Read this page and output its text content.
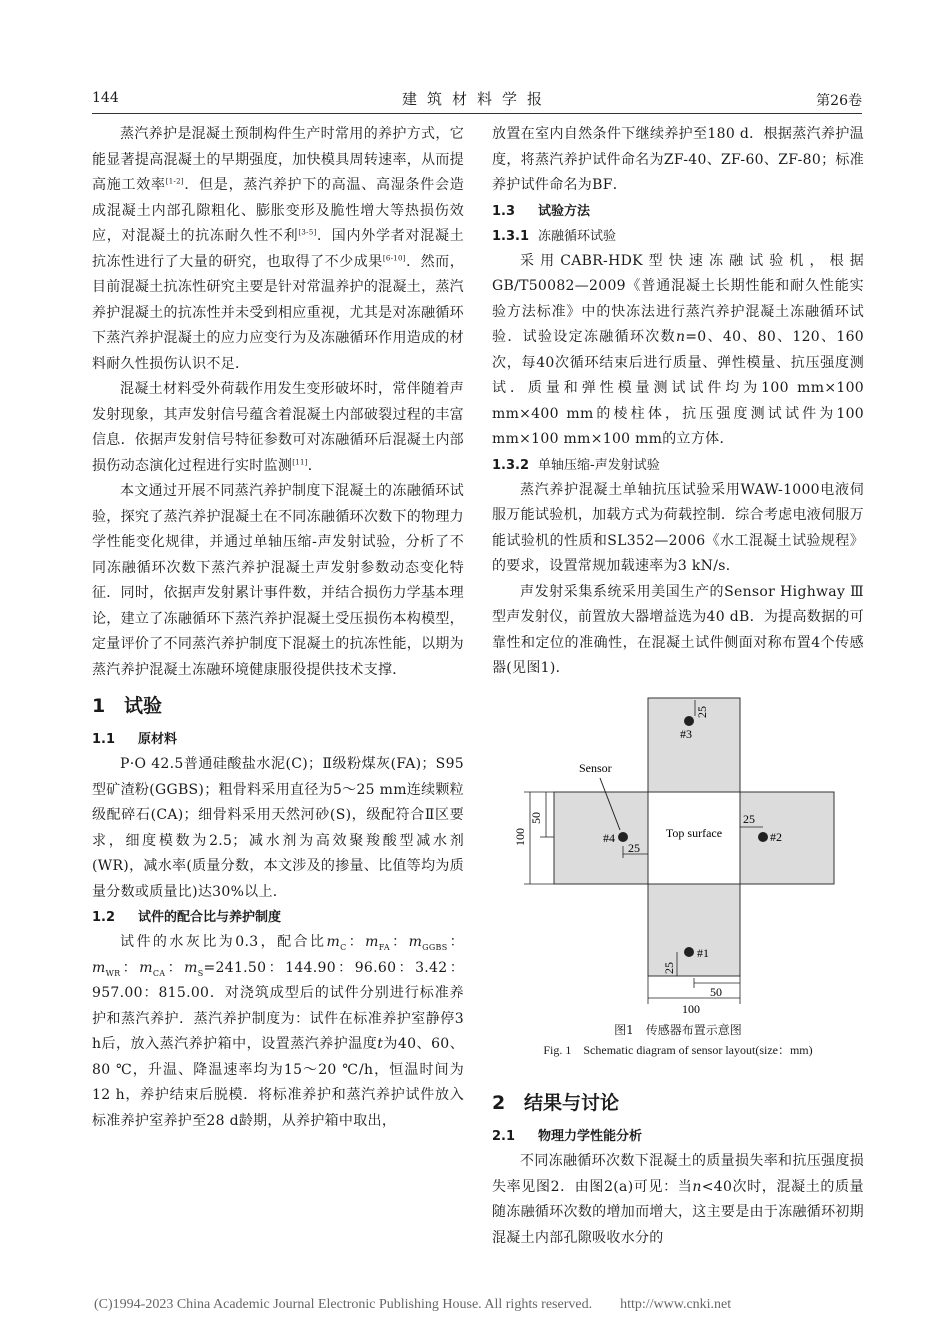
144	建筑材料学报	第26卷

蒸汽养护是混凝土预制构件生产时常用的养护方式，它能显著提高混凝土的早期强度，加快模具周转速率，从而提高施工效率[1-2]．但是，蒸汽养护下的高温、高湿条件会造成混凝土内部孔隙粗化、膨胀变形及脆性增大等热损伤效应，对混凝土的抗冻耐久性不利[3-5]．国内外学者对混凝土抗冻性进行了大量的研究，也取得了不少成果[6-10]．然而，目前混凝土抗冻性研究主要是针对常温养护的混凝土，蒸汽养护混凝土的抗冻性并未受到相应重视，尤其是对冻融循环下蒸汽养护混凝土的应力应变行为及冻融循环作用造成的材料耐久性损伤认识不足．

混凝土材料受外荷载作用发生变形破坏时，常伴随着声发射现象，其声发射信号蕴含着混凝土内部破裂过程的丰富信息．依据声发射信号特征参数可对冻融循环后混凝土内部损伤动态演化过程进行实时监测[11]．

本文通过开展不同蒸汽养护制度下混凝土的冻融循环试验，探究了蒸汽养护混凝土在不同冻融循环次数下的物理力学性能变化规律，并通过单轴压缩-声发射试验，分析了不同冻融循环次数下蒸汽养护混凝土声发射参数动态变化特征．同时，依据声发射累计事件数，并结合损伤力学基本理论，建立了冻融循环下蒸汽养护混凝土受压损伤本构模型，定量评价了不同蒸汽养护制度下混凝土的抗冻性能，以期为蒸汽养护混凝土冻融环境健康服役提供技术支撑．

1 试验
1.1 原材料

P·O 42.5普通硅酸盐水泥(C)；Ⅱ级粉煤灰(FA)；S95型矿渣粉(GGBS)；粗骨料采用直径为5～25 mm连续颗粒级配碎石(CA)；细骨料采用天然河砂(S)，级配符合Ⅱ区要求，细度模数为2.5；减水剂为高效聚羧酸型减水剂(WR)，减水率(质量分数，本文涉及的掺量、比值等均为质量分数或质量比)达30%以上．

1.2 试件的配合比与养护制度

试件的水灰比为0.3，配合比$m_C$：$m_{FA}$：$m_{GGBS}$：$m_{WR}$：$m_{CA}$：$m_S=241.50$：144.90：96.60：3.42：957.00：815.00．对浇筑成型后的试件分别进行标准养护和蒸汽养护．蒸汽养护制度为：试件在标准养护室静停3 h后，放入蒸汽养护箱中，设置蒸汽养护温度t为40、60、80 ℃，升温、降温速率均为15～20 ℃/h，恒温时间为12 h，养护结束后脱模．将标准养护和蒸汽养护试件放入标准养护室养护至28 d龄期，从养护箱中取出，

放置在室内自然条件下继续养护至180 d．根据蒸汽养护温度，将蒸汽养护试件命名为ZF-40、ZF-60、ZF-80；标准养护试件命名为BF．

1.3 试验方法
1.3.1 冻融循环试验

采用CABR-HDK型快速冻融试验机，根据GB/T50082—2009《普通混凝土长期性能和耐久性能实验方法标准》中的快冻法进行蒸汽养护混凝土冻融循环试验．试验设定冻融循环次数n=0、40、80、120、160次，每40次循环结束后进行质量、弹性模量、抗压强度测试．质量和弹性模量测试试件均为100 mm×100 mm×400 mm的棱柱体，抗压强度测试试件为100 mm×100 mm×100 mm的立方体．

1.3.2 单轴压缩-声发射试验

蒸汽养护混凝土单轴抗压试验采用WAW-1000电液伺服万能试验机，加载方式为荷载控制．综合考虑电液伺服万能试验机的性质和SL352—2006《水工混凝土试验规程》的要求，设置常规加载速率为3 kN/s．

声发射采集系统采用美国生产的Sensor Highway Ⅲ型声发射仪，前置放大器增益选为40 dB．为提高数据的可靠性和定位的准确性，在混凝土试件侧面对称布置4个传感器(见图1)．

#3
#4	#2
#1
Top surface
Sensor
25
25
25
25
50
100
50
100
图1　传感器布置示意图
Fig. 1　Schematic diagram of sensor layout(size：mm)
2 结果与讨论
2.1 物理力学性能分析

不同冻融循环次数下混凝土的质量损失率和抗压强度损失率见图2．由图2(a)可见：当n<40次时，混凝土的质量随冻融循环次数的增加而增大，这主要是由于冻融循环初期混凝土内部孔隙吸收水分的

(C)1994-2023 China Academic Journal Electronic Publishing House. All rights reserved.　　http://www.cnki.net
